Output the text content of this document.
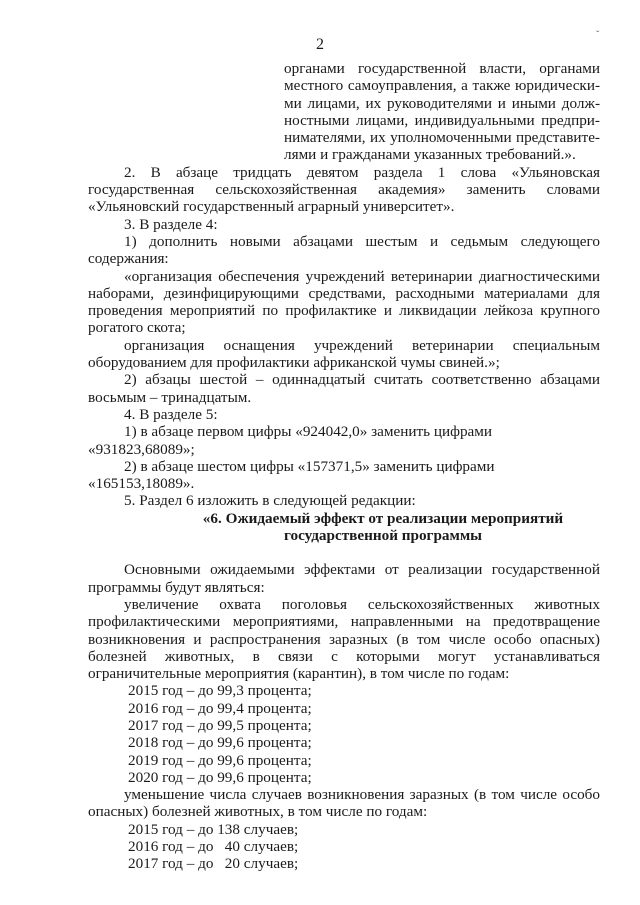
2
ˇ

органами государственной власти, органами

местного самоуправления, а также юридически-

ми лицами, их руководителями и иными долж-

ностными лицами, индивидуальными предпри-

нимателями, их уполномоченными представите-

лями и гражданами указанных требований.».

2. В абзаце тридцать девятом раздела 1 слова «Ульяновская

государственная сельскохозяйственная академия» заменить словами

«Ульяновский государственный аграрный университет».

3. В разделе 4:

1) дополнить новыми абзацами шестым и седьмым следующего

содержания:

«организация обеспечения учреждений ветеринарии диагностическими

наборами, дезинфицирующими средствами, расходными материалами для

проведения мероприятий по профилактике и ликвидации лейкоза крупного

рогатого скота;

организация оснащения учреждений ветеринарии специальным

оборудованием для профилактики африканской чумы свиней.»;

2) абзацы шестой – одиннадцатый считать соответственно абзацами

восьмым – тринадцатым.

4. В разделе 5:

1) в абзаце первом цифры «924042,0» заменить цифрами «931823,68089»;

2) в абзаце шестом цифры «157371,5» заменить цифрами «165153,18089».

5. Раздел 6 изложить в следующей редакции:

«6. Ожидаемый эффект от реализации мероприятий

государственной программы

Основными ожидаемыми эффектами от реализации государственной

программы будут являться:

увеличение охвата поголовья сельскохозяйственных животных

профилактическими мероприятиями, направленными на предотвращение

возникновения и распространения заразных (в том числе особо опасных)

болезней животных, в связи с которыми могут устанавливаться

ограничительные мероприятия (карантин), в том числе по годам:

2015 год – до 99,3 процента;

2016 год – до 99,4 процента;

2017 год – до 99,5 процента;

2018 год – до 99,6 процента;

2019 год – до 99,6 процента;

2020 год – до 99,6 процента;

уменьшение числа случаев возникновения заразных (в том числе особо

опасных) болезней животных, в том числе по годам:

2015 год – до 138 случаев;

2016 год – до   40 случаев;

2017 год – до   20 случаев;
